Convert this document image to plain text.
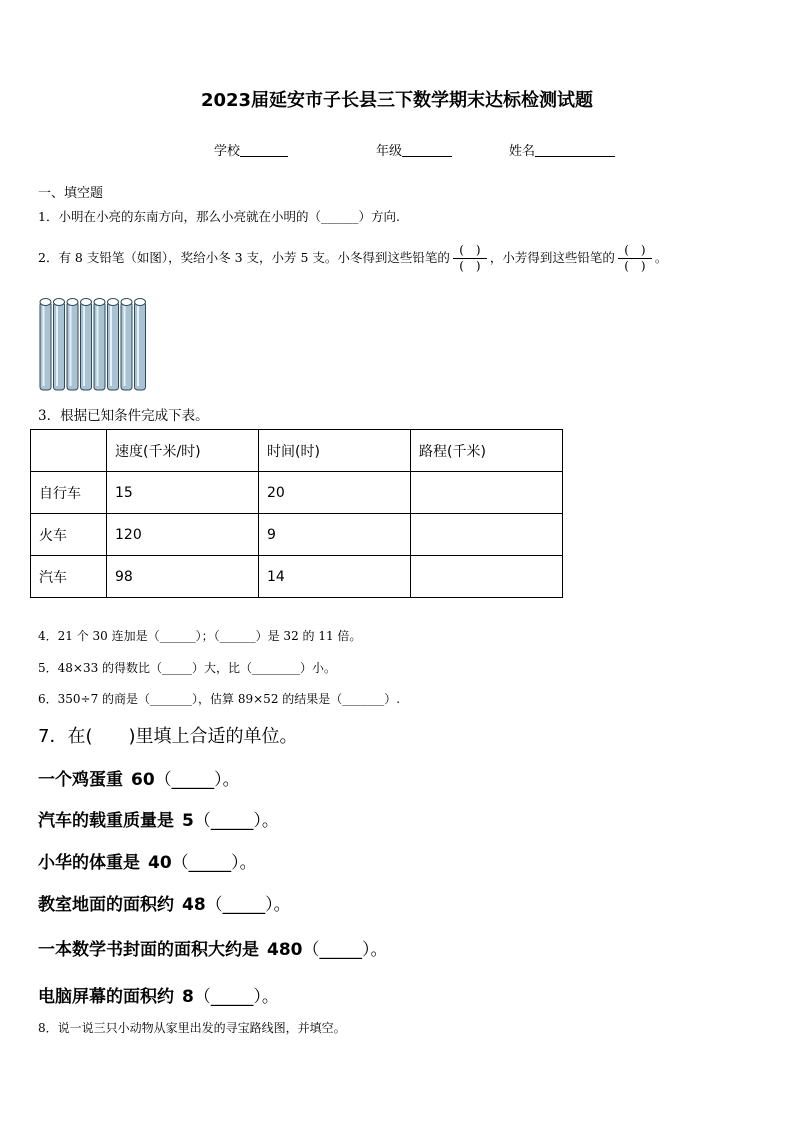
2023届延安市子长县三下数学期末达标检测试题
学校	年级	姓名
一、填空题
1．小明在小亮的东南方向，那么小亮就在小明的（______）方向.
2．有 8 支铅笔（如图），奖给小冬 3 支，小芳 5 支。小冬得到这些铅笔的 $\frac{( )}{( )}$ ，小芳得到这些铅笔的 $\frac{( )}{( )}$ 。
3．根据已知条件完成下表。
	速度(千米/时)	时间(时)	路程(千米)
自行车	15	20	
火车	120	9	
汽车	98	14	
4．21 个 30 连加是（______）；（______）是 32 的 11 倍。
5．48×33 的得数比（_____）大，比（________）小。
6．350÷7 的商是（_______），估算 89×52 的结果是（_______）.
7．在(　　)里填上合适的单位。
一个鸡蛋重 60（_____）。
汽车的载重质量是 5（_____）。
小华的体重是 40（_____）。
教室地面的面积约 48（_____）。
一本数学书封面的面积大约是 480（_____）。
电脑屏幕的面积约 8（_____）。
8．说一说三只小动物从家里出发的寻宝路线图，并填空。
